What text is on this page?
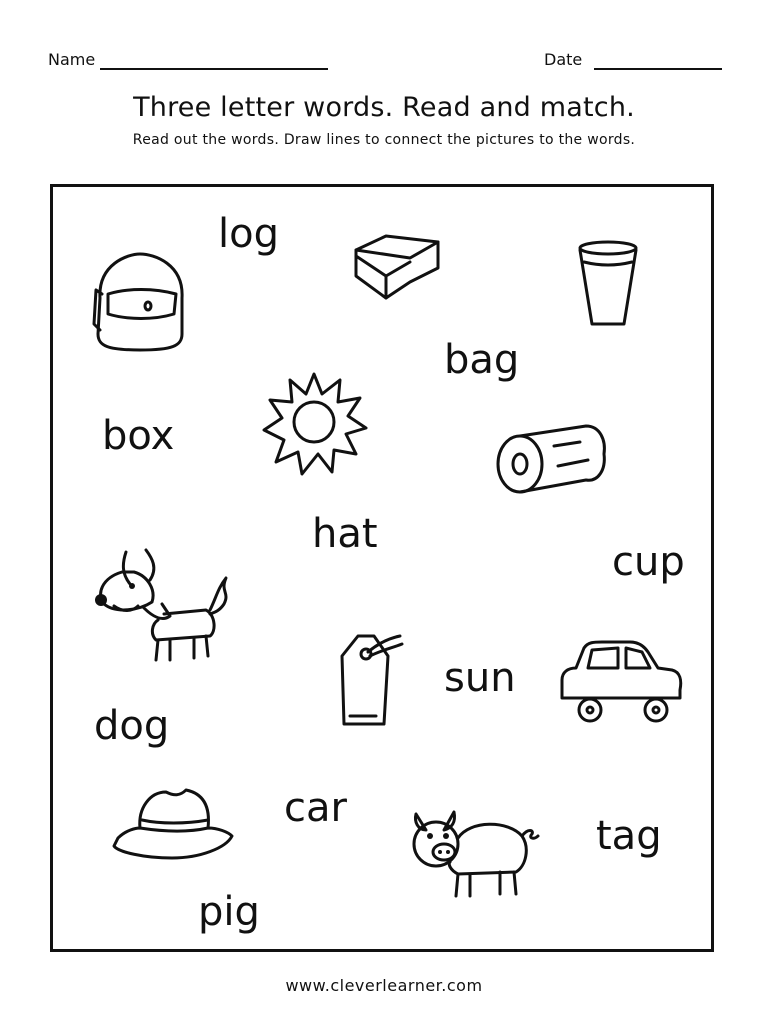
Name	Date
Three letter words. Read and match.
Read out the words. Draw lines to connect the pictures to the words.
log
bag
box
hat
cup
sun
dog
car
tag
pig
www.cleverlearner.com
